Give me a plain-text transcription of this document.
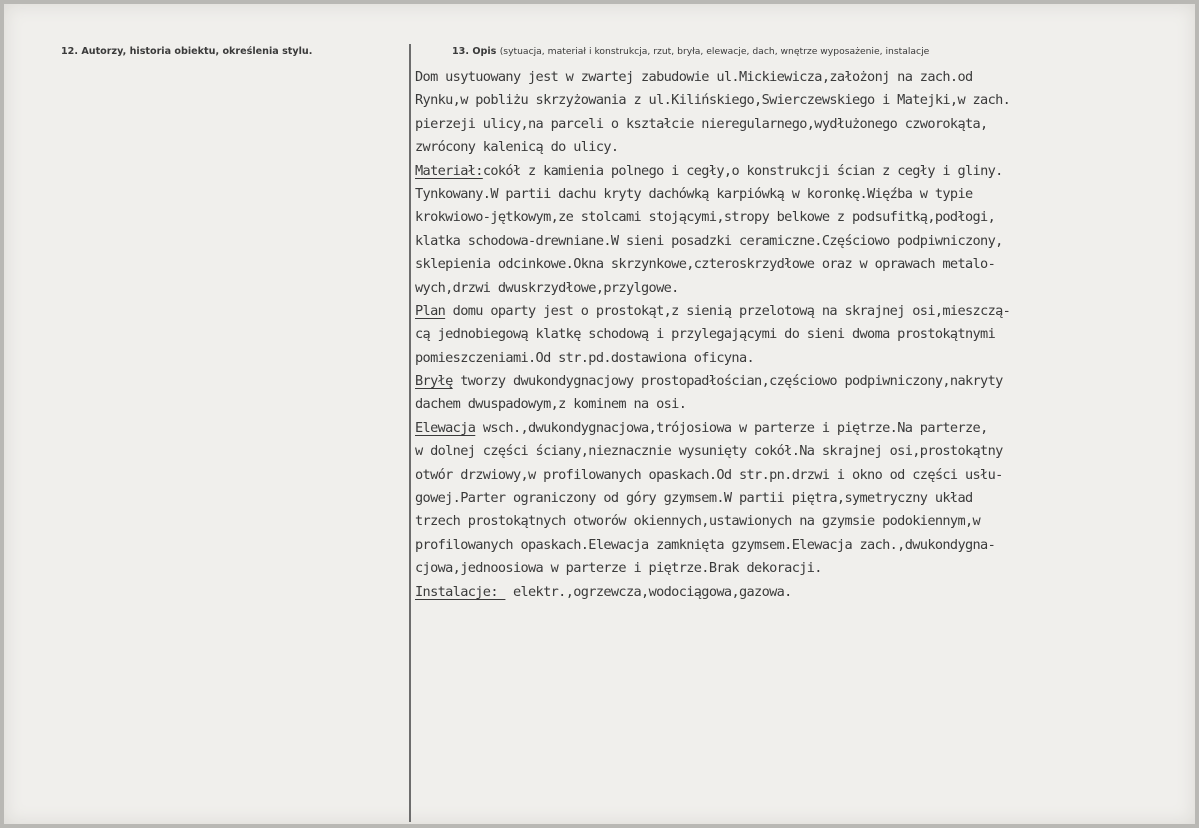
12. Autorzy, historia obiektu, określenia stylu.	13. Opis (sytuacja, materiał i konstrukcja, rzut, bryła, elewacje, dach, wnętrze wyposażenie, instalacje
Dom usytuowany jest w zwartej zabudowie ul.Mickiewicza,założonj na zach.od
Rynku,w pobliżu skrzyżowania z ul.Kilińskiego,Swierczewskiego i Matejki,w zach.
pierzeji ulicy,na parceli o kształcie nieregularnego,wydłużonego czworokąta,
zwrócony kalenicą do ulicy.
Materiał:cokół z kamienia polnego i cegły,o konstrukcji ścian z cegły i gliny.
Tynkowany.W partii dachu kryty dachówką karpiówką w koronkę.Więźba w typie
krokwiowo-jętkowym,ze stolcami stojącymi,stropy belkowe z podsufitką,podłogi,
klatka schodowa-drewniane.W sieni posadzki ceramiczne.Częściowo podpiwniczony,
sklepienia odcinkowe.Okna skrzynkowe,czteroskrzydłowe oraz w oprawach metalo-
wych,drzwi dwuskrzydłowe,przylgowe.
Plan domu oparty jest o prostokąt,z sienią przelotową na skrajnej osi,mieszczą-
cą jednobiegową klatkę schodową i przylegającymi do sieni dwoma prostokątnymi
pomieszczeniami.Od str.pd.dostawiona oficyna.
Bryłę tworzy dwukondygnacjowy prostopadłościan,częściowo podpiwniczony,nakryty
dachem dwuspadowym,z kominem na osi.
Elewacja wsch.,dwukondygnacjowa,trójosiowa w parterze i piętrze.Na parterze,
w dolnej części ściany,nieznacznie wysunięty cokół.Na skrajnej osi,prostokątny
otwór drzwiowy,w profilowanych opaskach.Od str.pn.drzwi i okno od części usłu-
gowej.Parter ograniczony od góry gzymsem.W partii piętra,symetryczny układ
trzech prostokątnych otworów okiennych,ustawionych na gzymsie podokiennym,w
profilowanych opaskach.Elewacja zamknięta gzymsem.Elewacja zach.,dwukondygna-
cjowa,jednoosiowa w parterze i piętrze.Brak dekoracji.
Instalacje:  elektr.,ogrzewcza,wodociągowa,gazowa.
